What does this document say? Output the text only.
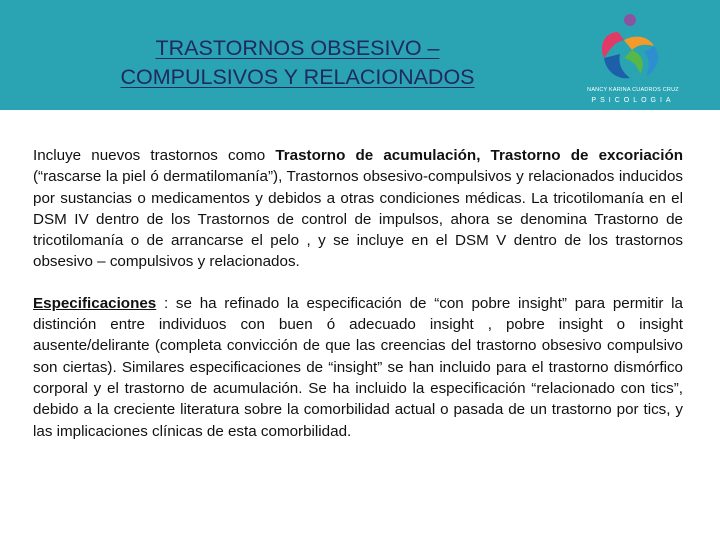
TRASTORNOS OBSESIVO –
COMPULSIVOS Y RELACIONADOS
NANCY KARINA CUADROS CRUZ
PSICOLOGIA

Incluye nuevos trastornos como Trastorno de acumulación, Trastorno de excoriación (“rascarse la piel ó dermatilomanía”), Trastornos obsesivo-compulsivos y relacionados inducidos por sustancias o medicamentos y debidos a otras condiciones médicas. La tricotilomanía en el DSM IV dentro de los Trastornos de control de impulsos, ahora se denomina Trastorno de tricotilomanía o de arrancarse el pelo , y se incluye en el DSM V dentro de los trastornos obsesivo – compulsivos y relacionados.

Especificaciones : se ha refinado la especificación de “con pobre insight” para permitir la distinción entre individuos con buen ó adecuado insight , pobre insight o insight ausente/delirante (completa convicción de que las creencias del trastorno obsesivo compulsivo son ciertas). Similares especificaciones de “insight” se han incluido para el trastorno dismórfico corporal y el trastorno de acumulación. Se ha incluido la especificación “relacionado con tics”, debido a la creciente literatura sobre la comorbilidad actual o pasada de un trastorno por tics, y las implicaciones clínicas de esta comorbilidad.
